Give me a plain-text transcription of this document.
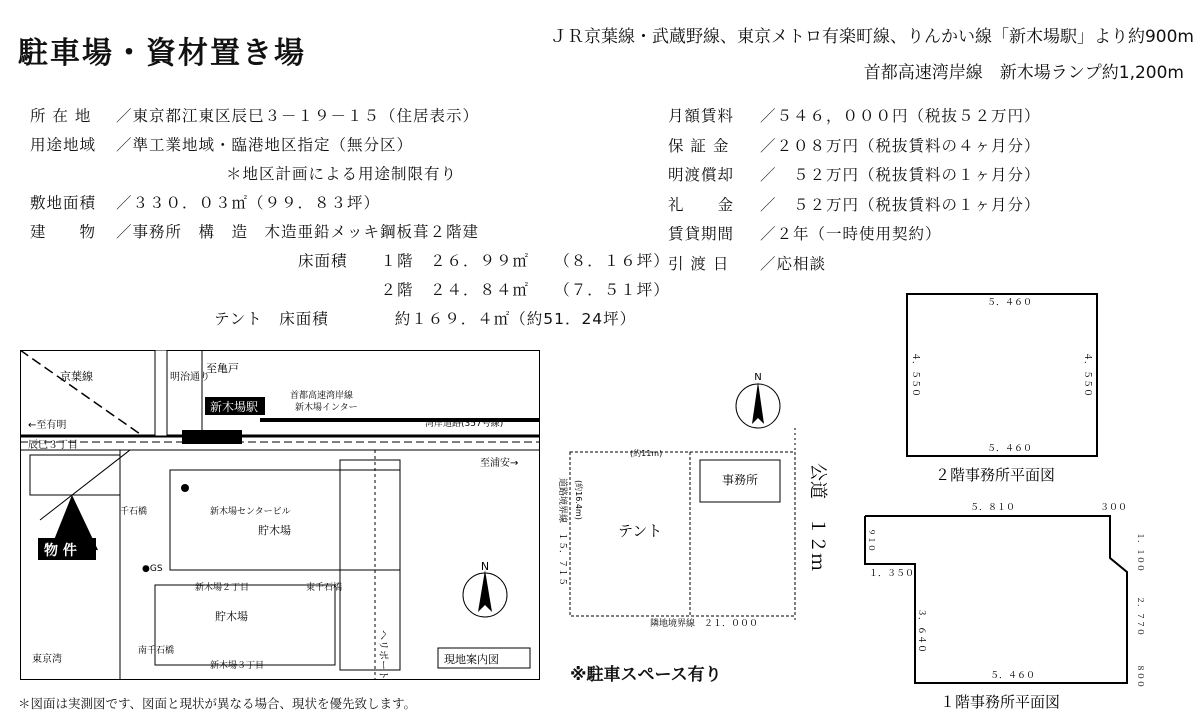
駐車場・資材置き場	ＪＲ京葉線・武蔵野線、東京メトロ有楽町線、りんかい線「新木場駅」より約900m
首都高速湾岸線　新木場ランプ約1,200m
所 在 地 ／東京都江東区辰巳３－１９－１５（住居表示）
用途地域 ／準工業地域・臨港地区指定（無分区）
＊地区計画による用途制限有り
敷地面積 ／３３０．０３㎡（９９．８３坪）
建　　物 ／事務所　構　造　木造亜鉛メッキ鋼板葺２階建
床面積　　１階　２６．９９㎡　　（８．１６坪）
　　　　　２階　２４．８４㎡　　（７．５１坪）
テント　床面積　　　　約１６９．４㎡（約51．24坪）
月額賃料 ／５４６，０００円（税抜５２万円）
保 証 金 ／２０８万円（税抜賃料の４ヶ月分）
明渡償却 ／　５２万円（税抜賃料の１ヶ月分）
礼　　金 ／　５２万円（税抜賃料の１ヶ月分）
賃貸期間 ／２年（一時使用契約）
引 渡 日 ／応相談
N
京葉線
至亀戸
明治通り
新木場駅
首都高速湾岸線
新木場インター
湾岸道路(357号線)
←至有明
辰巳３丁目
至浦安→
千石橋	新木場センタービル
貯木場
貯木場
●GS
新木場２丁目	東千石橋
ヘリポート
南千石橋
新木場３丁目
東京湾
物 件
現地案内図
N
テント
事務所
(約11m)
道路境界線　１５．７１５ (約16.4m)
隣地境界線　２１．０００
公道　１２ｍ
５．４６０
５．４６０
４．５５０	４．５５０
２階事務所平面図
５．８１０	３００
９１０
１．３５０
３．６４０
５．４６０
１．１００
２．７７０
８００
１階事務所平面図
※駐車スペース有り
＊図面は実測図です、図面と現状が異なる場合、現状を優先致します。
